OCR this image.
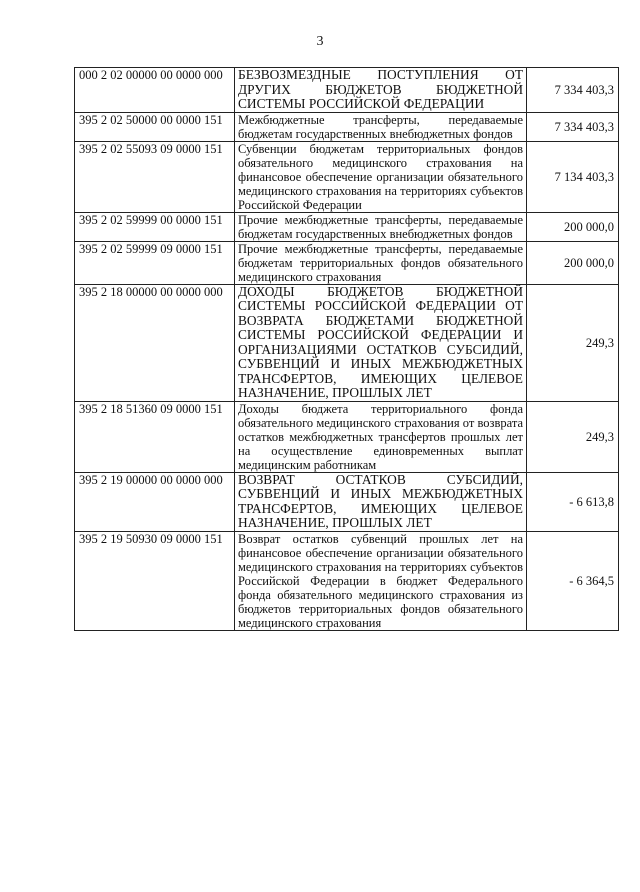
3
000 2 02 00000 00 0000 000	БЕЗВОЗМЕЗДНЫЕ ПОСТУПЛЕНИЯ ОТ ДРУГИХ БЮДЖЕТОВ БЮДЖЕТНОЙ СИСТЕМЫ РОССИЙСКОЙ ФЕДЕРАЦИИ	7 334 403,3
395 2 02 50000 00 0000 151	Межбюджетные трансферты, передаваемые бюджетам государственных внебюджетных фондов	7 334 403,3
395 2 02 55093 09 0000 151	Субвенции бюджетам территориальных фондов обязательного медицинского страхования на финансовое обеспечение организации обязательного медицинского страхования на территориях субъектов Российской Федерации	7 134 403,3
395 2 02 59999 00 0000 151	Прочие межбюджетные трансферты, передаваемые бюджетам государственных внебюджетных фондов	200 000,0
395 2 02 59999 09 0000 151	Прочие межбюджетные трансферты, передаваемые бюджетам территориальных фондов обязательного медицинского страхования	200 000,0
395 2 18 00000 00 0000 000	ДОХОДЫ БЮДЖЕТОВ БЮДЖЕТНОЙ СИСТЕМЫ РОССИЙСКОЙ ФЕДЕРАЦИИ ОТ ВОЗВРАТА БЮДЖЕТАМИ БЮДЖЕТНОЙ СИСТЕМЫ РОССИЙСКОЙ ФЕДЕРАЦИИ И ОРГАНИЗАЦИЯМИ ОСТАТКОВ СУБСИДИЙ, СУБВЕНЦИЙ И ИНЫХ МЕЖБЮДЖЕТНЫХ ТРАНСФЕРТОВ, ИМЕЮЩИХ ЦЕЛЕВОЕ НАЗНАЧЕНИЕ, ПРОШЛЫХ ЛЕТ	249,3
395 2 18 51360 09 0000 151	Доходы бюджета территориального фонда обязательного медицинского страхования от возврата остатков межбюджетных трансфертов прошлых лет на осуществление единовременных выплат медицинским работникам	249,3
395 2 19 00000 00 0000 000	ВОЗВРАТ ОСТАТКОВ СУБСИДИЙ, СУБВЕНЦИЙ И ИНЫХ МЕЖБЮДЖЕТНЫХ ТРАНСФЕРТОВ, ИМЕЮЩИХ ЦЕЛЕВОЕ НАЗНАЧЕНИЕ, ПРОШЛЫХ ЛЕТ	- 6 613,8
395 2 19 50930 09 0000 151	Возврат остатков субвенций прошлых лет на финансовое обеспечение организации обязательного медицинского страхования на территориях субъектов Российской Федерации в бюджет Федерального фонда обязательного медицинского страхования из бюджетов территориальных фондов обязательного медицинского страхования	- 6 364,5
